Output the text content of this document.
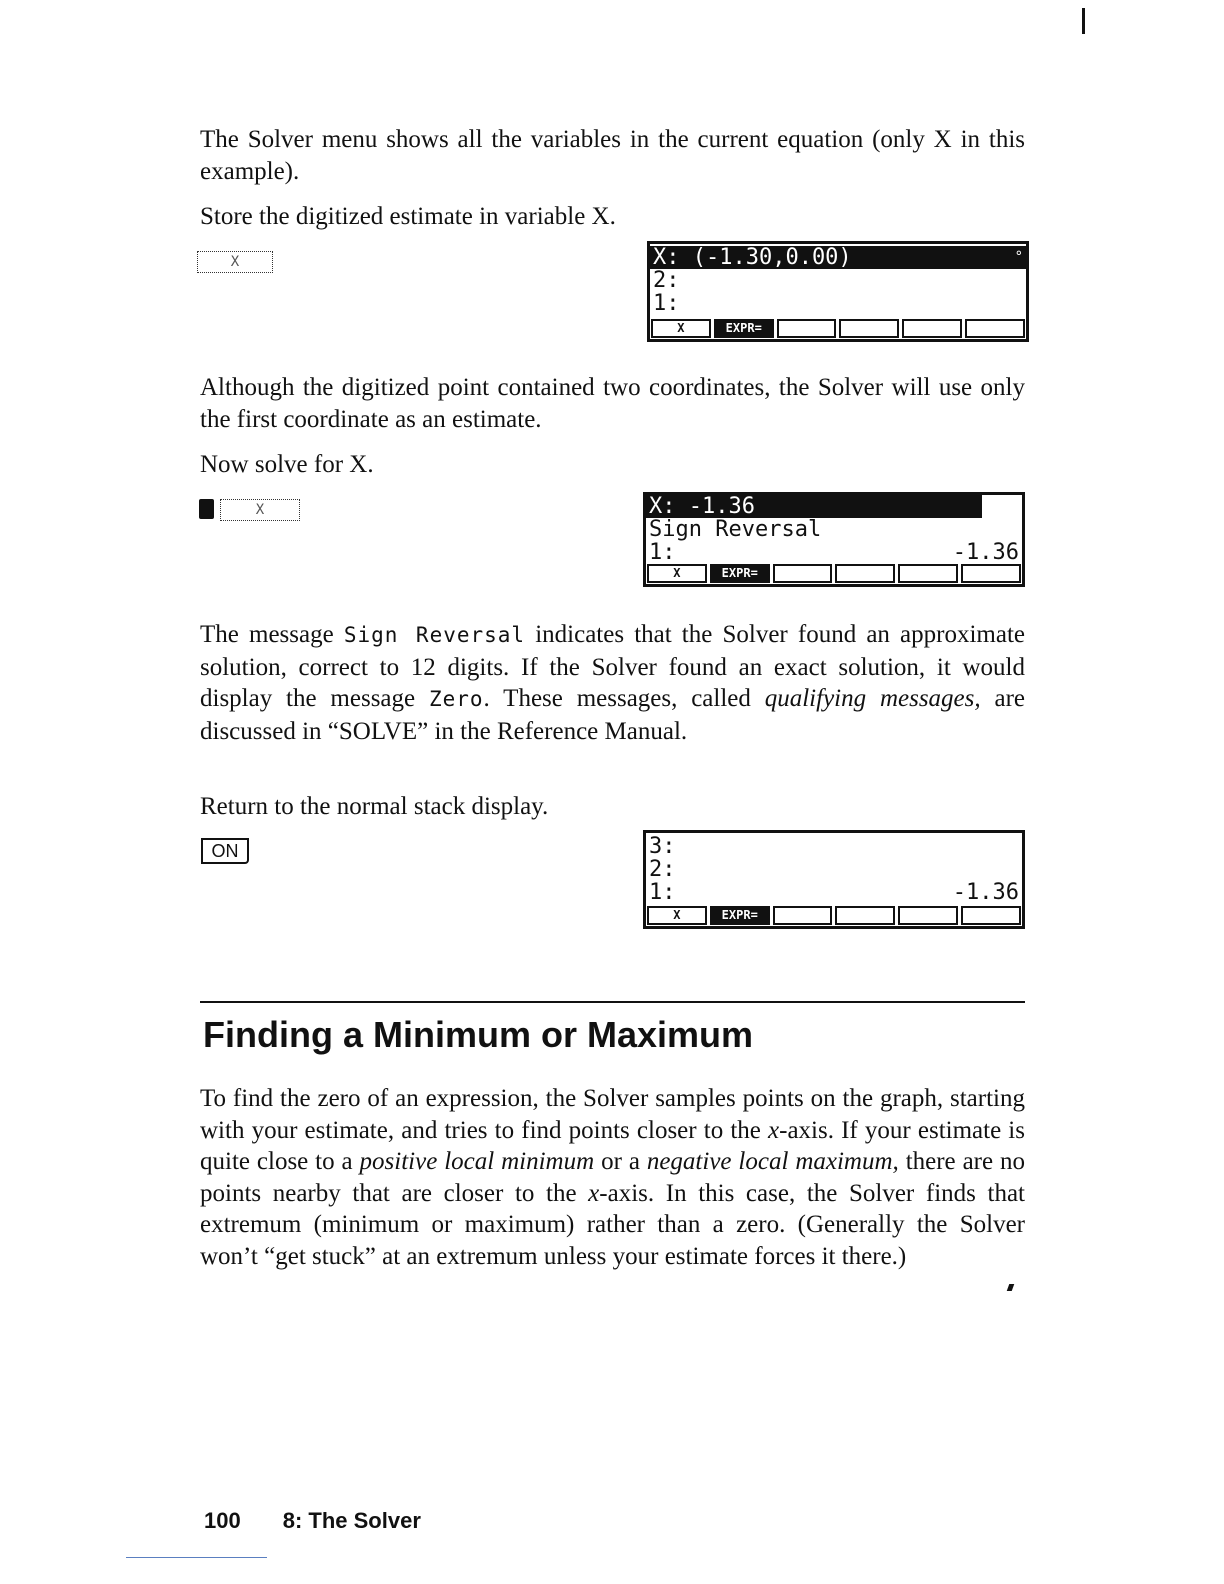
The Solver menu shows all the variables in the current equation (only X in this example).

Store the digitized estimate in variable X.

X	X: (-1.30,0.00)	°
2:
1:
X	EXPR=

Although the digitized point contained two coordinates, the Solver will use only the first coordinate as an estimate.

Now solve for X.

X	X: -1.36
Sign Reversal
1:	-1.36
X	EXPR=

The message Sign Reversal indicates that the Solver found an approximate solution, correct to 12 digits. If the Solver found an exact solution, it would display the message Zero. These messages, called qualifying messages, are discussed in “SOLVE” in the Reference Manual.

Return to the normal stack display.

ON	3:
2:
1:	-1.36
X	EXPR=
Finding a Minimum or Maximum

To find the zero of an expression, the Solver samples points on the graph, starting with your estimate, and tries to find points closer to the x-axis. If your estimate is quite close to a positive local minimum or a negative local maximum, there are no points nearby that are closer to the x-axis. In this case, the Solver finds that extremum (minimum or maximum) rather than a zero. (Generally the Solver won’t “get stuck” at an extremum unless your estimate forces it there.)

100 8: The Solver
